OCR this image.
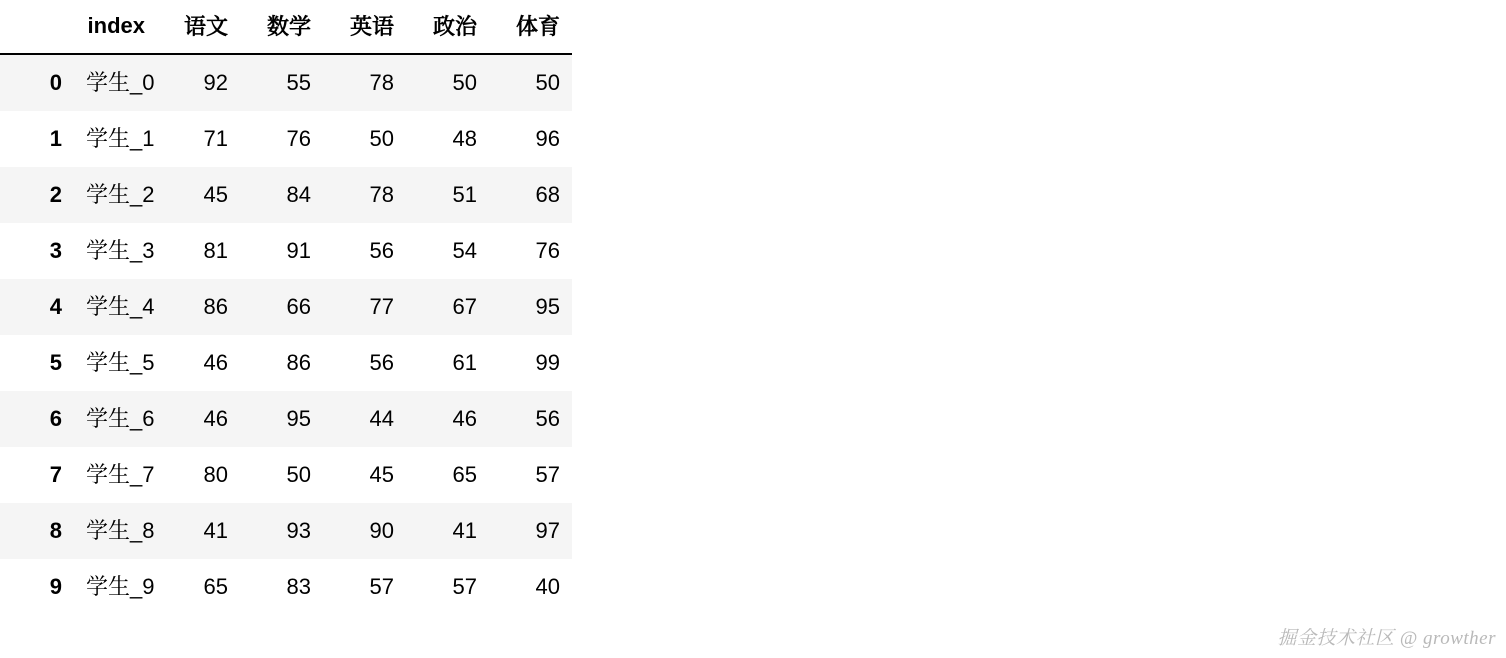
	index	语文	数学	英语	政治	体育
0	学生_0	92	55	78	50	50
1	学生_1	71	76	50	48	96
2	学生_2	45	84	78	51	68
3	学生_3	81	91	56	54	76
4	学生_4	86	66	77	67	95
5	学生_5	46	86	56	61	99
6	学生_6	46	95	44	46	56
7	学生_7	80	50	45	65	57
8	学生_8	41	93	90	41	97
9	学生_9	65	83	57	57	40
掘金技术社区 @ growther
